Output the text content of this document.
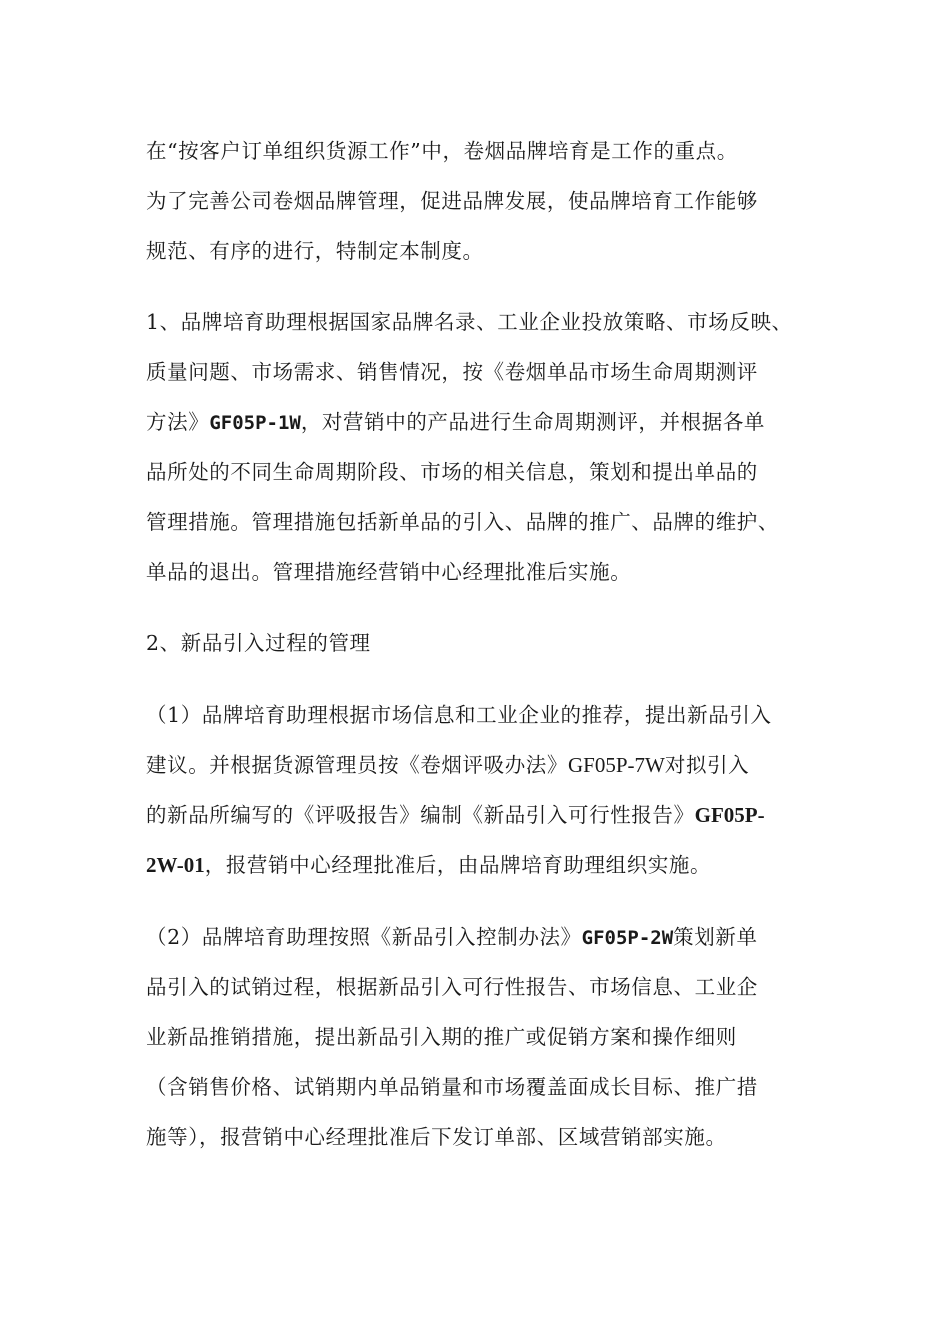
在“按客户订单组织货源工作”中，卷烟品牌培育是工作的重点。
为了完善公司卷烟品牌管理，促进品牌发展，使品牌培育工作能够
规范、有序的进行，特制定本制度。
1、品牌培育助理根据国家品牌名录、工业企业投放策略、市场反映、
质量问题、市场需求、销售情况，按《卷烟单品市场生命周期测评
方法》GF05P-1W，对营销中的产品进行生命周期测评，并根据各单
品所处的不同生命周期阶段、市场的相关信息，策划和提出单品的
管理措施。管理措施包括新单品的引入、品牌的推广、品牌的维护、
单品的退出。管理措施经营销中心经理批准后实施。
2、新品引入过程的管理
（1）品牌培育助理根据市场信息和工业企业的推荐，提出新品引入
建议。并根据货源管理员按《卷烟评吸办法》GF05P-7W对拟引入
的新品所编写的《评吸报告》编制《新品引入可行性报告》GF05P-
2W-01，报营销中心经理批准后，由品牌培育助理组织实施。
（2）品牌培育助理按照《新品引入控制办法》GF05P-2W策划新单
品引入的试销过程，根据新品引入可行性报告、市场信息、工业企
业新品推销措施，提出新品引入期的推广或促销方案和操作细则
（含销售价格、试销期内单品销量和市场覆盖面成长目标、推广措
施等），报营销中心经理批准后下发订单部、区域营销部实施。
